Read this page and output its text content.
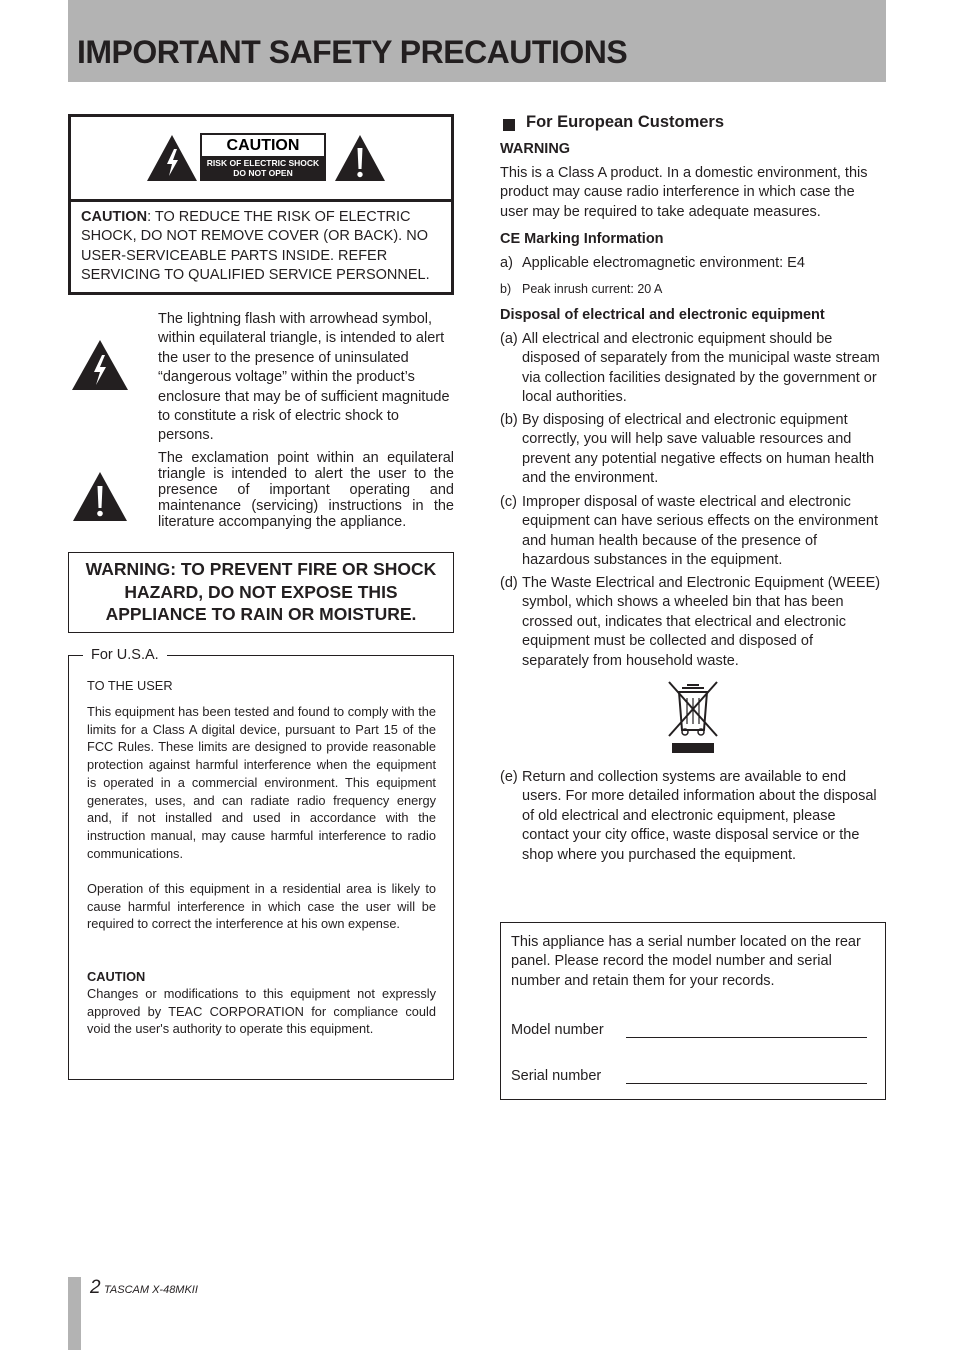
IMPORTANT SAFETY PRECAUTIONS
CAUTION
RISK OF ELECTRIC SHOCK
DO NOT OPEN

CAUTION: TO REDUCE THE RISK OF ELECTRIC SHOCK, DO NOT REMOVE COVER (OR BACK). NO USER-SERVICEABLE PARTS INSIDE. REFER SERVICING TO QUALIFIED SERVICE PERSONNEL.

The lightning flash with arrowhead symbol, within equilateral triangle, is intended to alert the user to the presence of uninsulated “dangerous voltage” within the product’s enclosure that may be of sufficient magnitude to constitute a risk of electric shock to persons.

The exclamation point within an equilateral triangle is intended to alert the user to the presence of important operating and maintenance (servicing) instructions in the literature accompanying the appliance.

WARNING: TO PREVENT FIRE OR SHOCK
HAZARD, DO NOT EXPOSE THIS
APPLIANCE TO RAIN OR MOISTURE.
For U.S.A.

TO THE USER

This equipment has been tested and found to comply with the limits for a Class A digital device, pursuant to Part 15 of the FCC Rules. These limits are designed to provide reasonable protection against harmful interference when the equipment is operated in a commercial environment. This equipment generates, uses, and can radiate radio frequency energy and, if not installed and used in accordance with the instruction manual, may cause harmful interference to radio communications.

Operation of this equipment in a residential area is likely to cause harmful interference in which case the user will be required to correct the interference at his own expense.

CAUTION

Changes or modifications to this equipment not expressly approved by TEAC CORPORATION for compliance could void the user's authority to operate this equipment.

For European Customers

WARNING

This is a Class A product. In a domestic environment, this product may cause radio interference in which case the user may be required to take adequate measures.

CE Marking Information

a) Applicable electromagnetic environment: E4
b) Peak inrush current: 20 A

Disposal of electrical and electronic equipment

(a) All electrical and electronic equipment should be disposed of separately from the municipal waste stream via collection facilities designated by the government or local authorities.
(b) By disposing of electrical and electronic equipment correctly, you will help save valuable resources and prevent any potential negative effects on human health and the environment.
(c) Improper disposal of waste electrical and electronic equipment can have serious effects on the environment and human health because of the presence of hazardous substances in the equipment.
(d) The Waste Electrical and Electronic Equipment (WEEE) symbol, which shows a wheeled bin that has been crossed out, indicates that electrical and electronic equipment must be collected and disposed of separately from household waste.
(e) Return and collection systems are available to end users. For more detailed information about the disposal of old electrical and electronic equipment, please contact your city office, waste disposal service or the shop where you purchased the equipment.

This appliance has a serial number located on the rear panel. Please record the model number and serial number and retain them for your records.

Model number
Serial number
2 TASCAM X-48MKII
